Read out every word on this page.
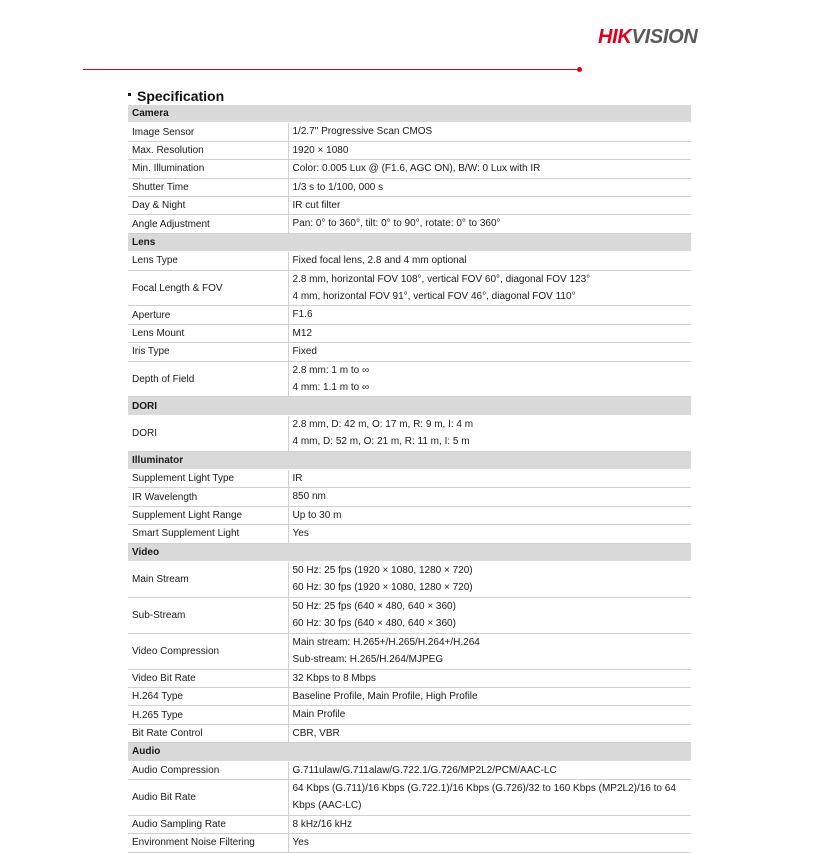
HIKVISION
Specification
Camera	
Image Sensor	1/2.7" Progressive Scan CMOS

Max. Resolution	1920 × 1080

Min. Illumination	Color: 0.005 Lux @ (F1.6, AGC ON), B/W: 0 Lux with IR

Shutter Time	1/3 s to 1/100, 000 s

Day & Night	IR cut filter

Angle Adjustment	Pan: 0° to 360°, tilt: 0° to 90°, rotate: 0° to 360°

Lens	
Lens Type	Fixed focal lens, 2.8 and 4 mm optional

Focal Length & FOV	2.8 mm, horizontal FOV 108°, vertical FOV 60°, diagonal FOV 123°
4 mm, horizontal FOV 91°, vertical FOV 46°, diagonal FOV 110°

Aperture	F1.6

Lens Mount	M12

Iris Type	Fixed

Depth of Field	2.8 mm: 1 m to ∞
4 mm: 1.1 m to ∞

DORI	
DORI	2.8 mm, D: 42 m, O: 17 m, R: 9 m, I: 4 m
4 mm, D: 52 m, O: 21 m, R: 11 m, I: 5 m

Illuminator	
Supplement Light Type	IR

IR Wavelength	850 nm

Supplement Light Range	Up to 30 m

Smart Supplement Light	Yes

Video	
Main Stream	50 Hz: 25 fps (1920 × 1080, 1280 × 720)
60 Hz: 30 fps (1920 × 1080, 1280 × 720)

Sub-Stream	50 Hz: 25 fps (640 × 480, 640 × 360)
60 Hz: 30 fps (640 × 480, 640 × 360)

Video Compression	Main stream: H.265+/H.265/H.264+/H.264
Sub-stream: H.265/H.264/MJPEG

Video Bit Rate	32 Kbps to 8 Mbps

H.264 Type	Baseline Profile, Main Profile, High Profile

H.265 Type	Main Profile

Bit Rate Control	CBR, VBR

Audio	
Audio Compression	G.711ulaw/G.711alaw/G.722.1/G.726/MP2L2/PCM/AAC-LC

Audio Bit Rate	64 Kbps (G.711)/16 Kbps (G.722.1)/16 Kbps (G.726)/32 to 160 Kbps (MP2L2)/16 to 64
Kbps (AAC-LC)

Audio Sampling Rate	8 kHz/16 kHz

Environment Noise Filtering	Yes
